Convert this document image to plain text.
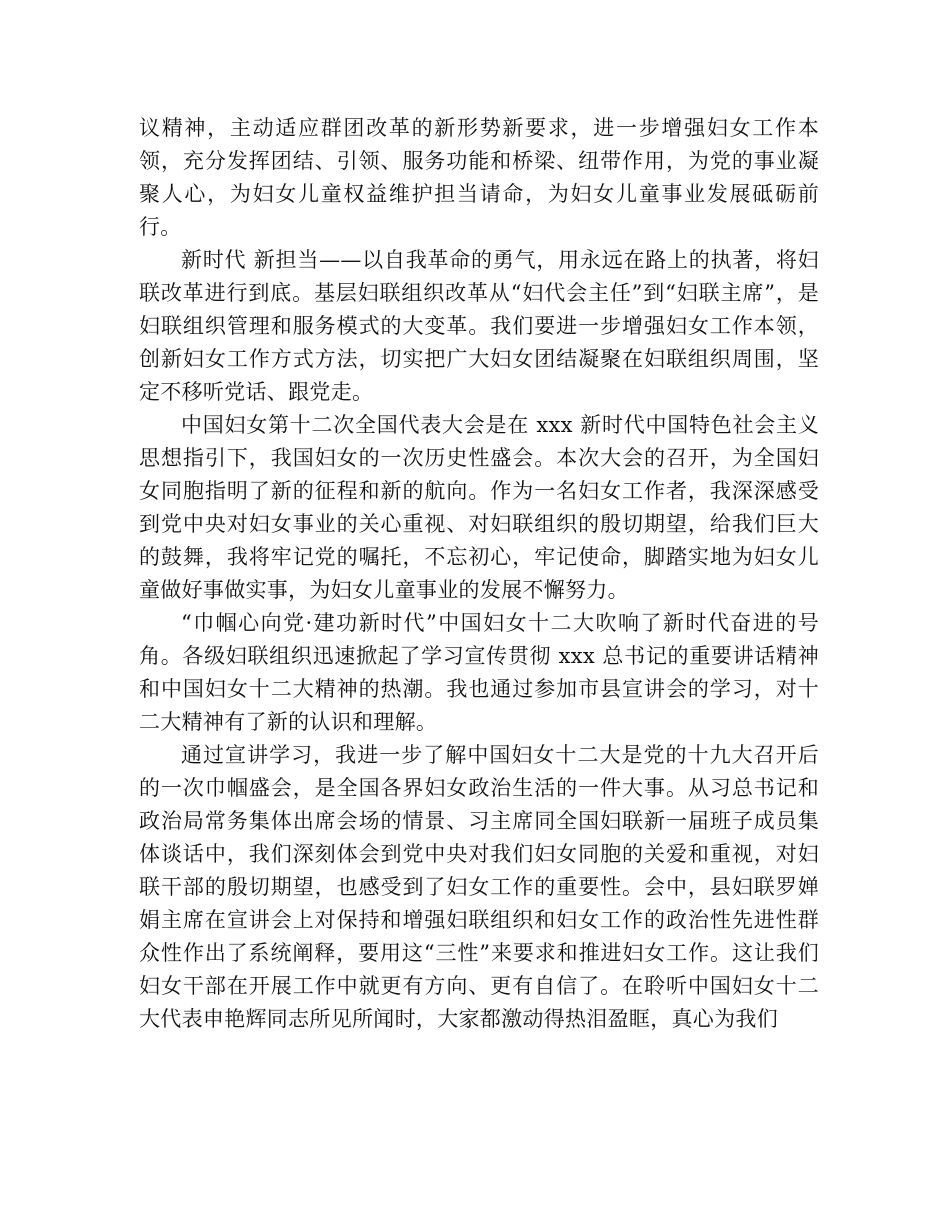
议精神，主动适应群团改革的新形势新要求，进一步增强妇女工作本领，充分发挥团结、引领、服务功能和桥梁、纽带作用，为党的事业凝聚人心，为妇女儿童权益维护担当请命，为妇女儿童事业发展砥砺前行。

新时代 新担当——以自我革命的勇气，用永远在路上的执著，将妇联改革进行到底。基层妇联组织改革从“妇代会主任”到“妇联主席”，是妇联组织管理和服务模式的大变革。我们要进一步增强妇女工作本领，创新妇女工作方式方法，切实把广大妇女团结凝聚在妇联组织周围，坚定不移听党话、跟党走。

中国妇女第十二次全国代表大会是在 xxx 新时代中国特色社会主义思想指引下，我国妇女的一次历史性盛会。本次大会的召开，为全国妇女同胞指明了新的征程和新的航向。作为一名妇女工作者，我深深感受到党中央对妇女事业的关心重视、对妇联组织的殷切期望，给我们巨大的鼓舞，我将牢记党的嘱托，不忘初心，牢记使命，脚踏实地为妇女儿童做好事做实事，为妇女儿童事业的发展不懈努力。

“巾帼心向党·建功新时代”中国妇女十二大吹响了新时代奋进的号角。各级妇联组织迅速掀起了学习宣传贯彻 xxx 总书记的重要讲话精神和中国妇女十二大精神的热潮。我也通过参加市县宣讲会的学习，对十二大精神有了新的认识和理解。

通过宣讲学习，我进一步了解中国妇女十二大是党的十九大召开后的一次巾帼盛会，是全国各界妇女政治生活的一件大事。从习总书记和政治局常务集体出席会场的情景、习主席同全国妇联新一届班子成员集体谈话中，我们深刻体会到党中央对我们妇女同胞的关爱和重视，对妇联干部的殷切期望，也感受到了妇女工作的重要性。会中，县妇联罗婵娟主席在宣讲会上对保持和增强妇联组织和妇女工作的政治性先进性群众性作出了系统阐释，要用这“三性”来要求和推进妇女工作。这让我们妇女干部在开展工作中就更有方向、更有自信了。在聆听中国妇女十二大代表申艳辉同志所见所闻时，大家都激动得热泪盈眶，真心为我们
